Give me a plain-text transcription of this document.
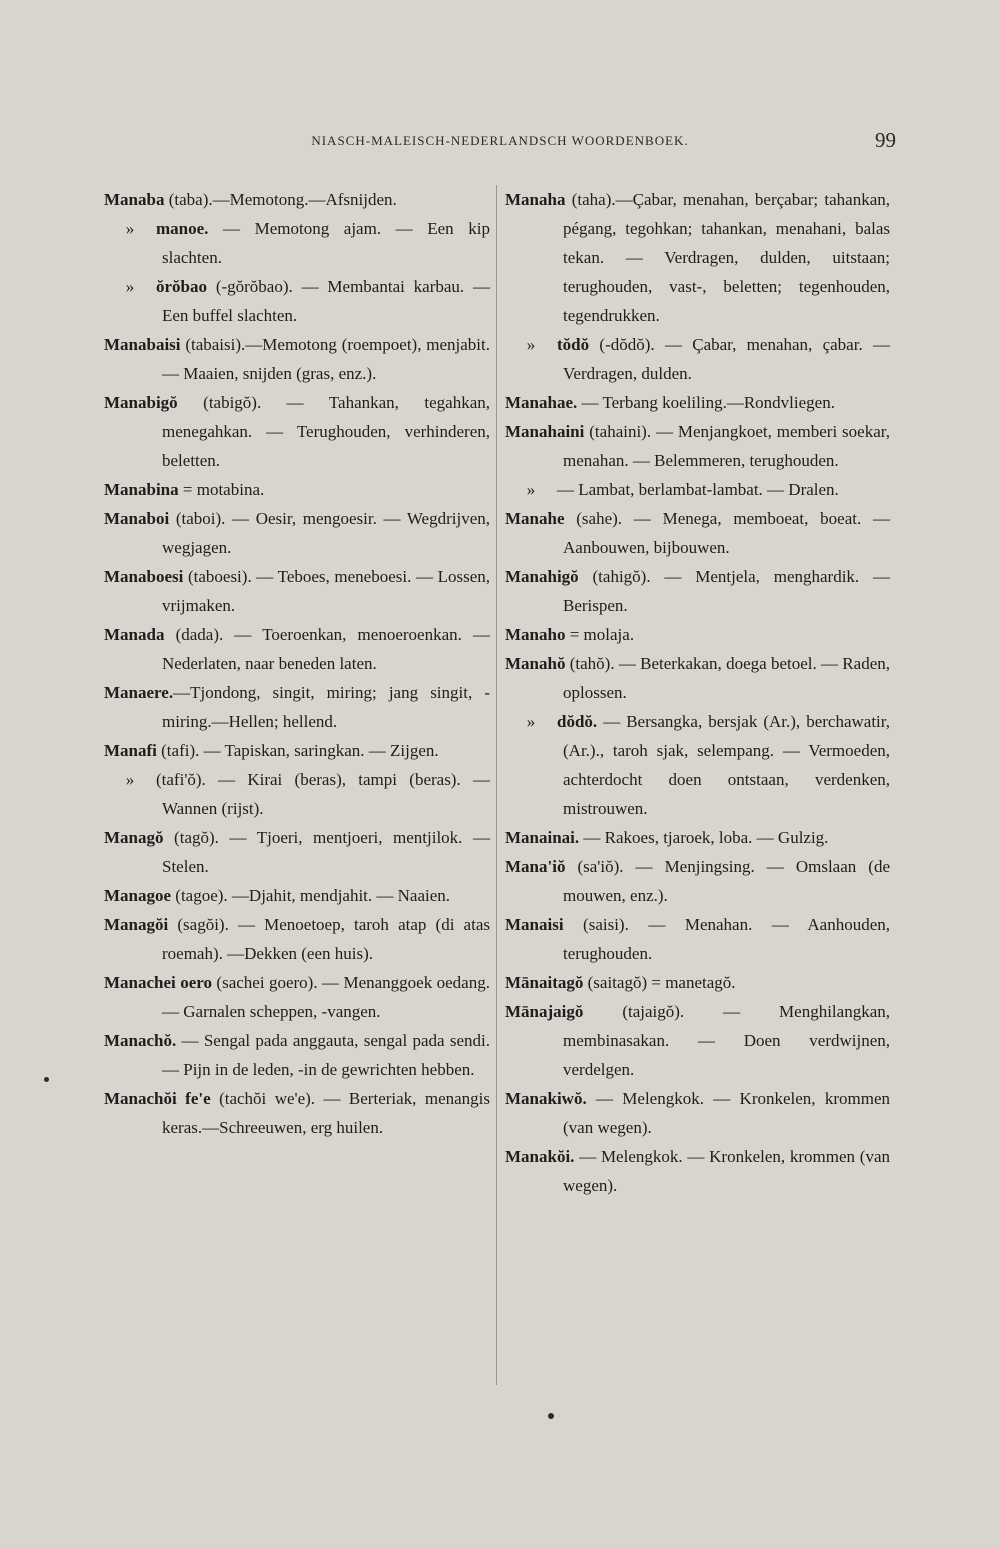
NIASCH-MALEISCH-NEDERLANDSCH WOORDENBOEK.	99

Manaba (taba).—Memotong.—Afsnijden.

» manoe. — Memotong ajam. — Een kip slachten.

» ŏrŏbao (-gŏrŏbao). — Membantai karbau. — Een buffel slachten.

Manabaisi (tabaisi).—Memotong (roempoet), menjabit. — Maaien, snijden (gras, enz.).

Manabigŏ (tabigŏ). — Tahankan, tegahkan, menegahkan. — Terughouden, verhinderen, beletten.

Manabina = motabina.

Manaboi (taboi). — Oesir, mengoesir. — Wegdrijven, wegjagen.

Manaboesi (taboesi). — Teboes, meneboesi. — Lossen, vrijmaken.

Manada (dada). — Toeroenkan, menoeroenkan. — Nederlaten, naar beneden laten.

Manaere.—Tjondong, singit, miring; jang singit, -miring.—Hellen; hellend.

Manafi (tafi). — Tapiskan, saringkan. — Zijgen.

» (tafi'ŏ). — Kirai (beras), tampi (beras). — Wannen (rijst).

Managŏ (tagŏ). — Tjoeri, mentjoeri, mentjilok. — Stelen.

Managoe (tagoe). —Djahit, mendjahit. — Naaien.

Managŏi (sagŏi). — Menoetoep, taroh atap (di atas roemah). —Dekken (een huis).

Manachei oero (sachei goero). — Menanggoek oedang. — Garnalen scheppen, -vangen.

Manachŏ. — Sengal pada anggauta, sengal pada sendi. — Pijn in de leden, -in de gewrichten hebben.

Manachŏi fe'e (tachŏi we'e). — Berteriak, menangis keras.—Schreeuwen, erg huilen.

Manaha (taha).—Çabar, menahan, berçabar; tahankan, pégang, tegohkan; tahankan, menahani, balas tekan. — Verdragen, dulden, uitstaan; terughouden, vast-, beletten; tegenhouden, tegendrukken.

» tŏdŏ (-dŏdŏ). — Çabar, menahan, çabar. — Verdragen, dulden.

Manahae. — Terbang koeliling.—Rondvliegen.

Manahaini (tahaini). — Menjangkoet, memberi soekar, menahan. — Belemmeren, terughouden.

» — Lambat, berlambat-lambat. — Dralen.

Manahe (sahe). — Menega, memboeat, boeat. — Aanbouwen, bijbouwen.

Manahigŏ (tahigŏ). — Mentjela, menghardik. — Berispen.

Manaho = molaja.

Manahŏ (tahŏ). — Beterkakan, doega betoel. — Raden, oplossen.

» dŏdŏ. — Bersangka, bersjak (Ar.), berchawatir, (Ar.)., taroh sjak, selempang. — Vermoeden, achterdocht doen ontstaan, verdenken, mistrouwen.

Manainai. — Rakoes, tjaroek, loba. — Gulzig.

Mana'iŏ (sa'iŏ). — Menjingsing. — Omslaan (de mouwen, enz.).

Manaisi (saisi). — Menahan. — Aanhouden, terughouden.

Mānaitagŏ (saitagŏ) = manetagŏ.

Mānajaigŏ (tajaigŏ). — Menghilangkan, membinasakan. — Doen verdwijnen, verdelgen.

Manakiwŏ. — Melengkok. — Kronkelen, krommen (van wegen).

Manakŏi. — Melengkok. — Kronkelen, krommen (van wegen).
